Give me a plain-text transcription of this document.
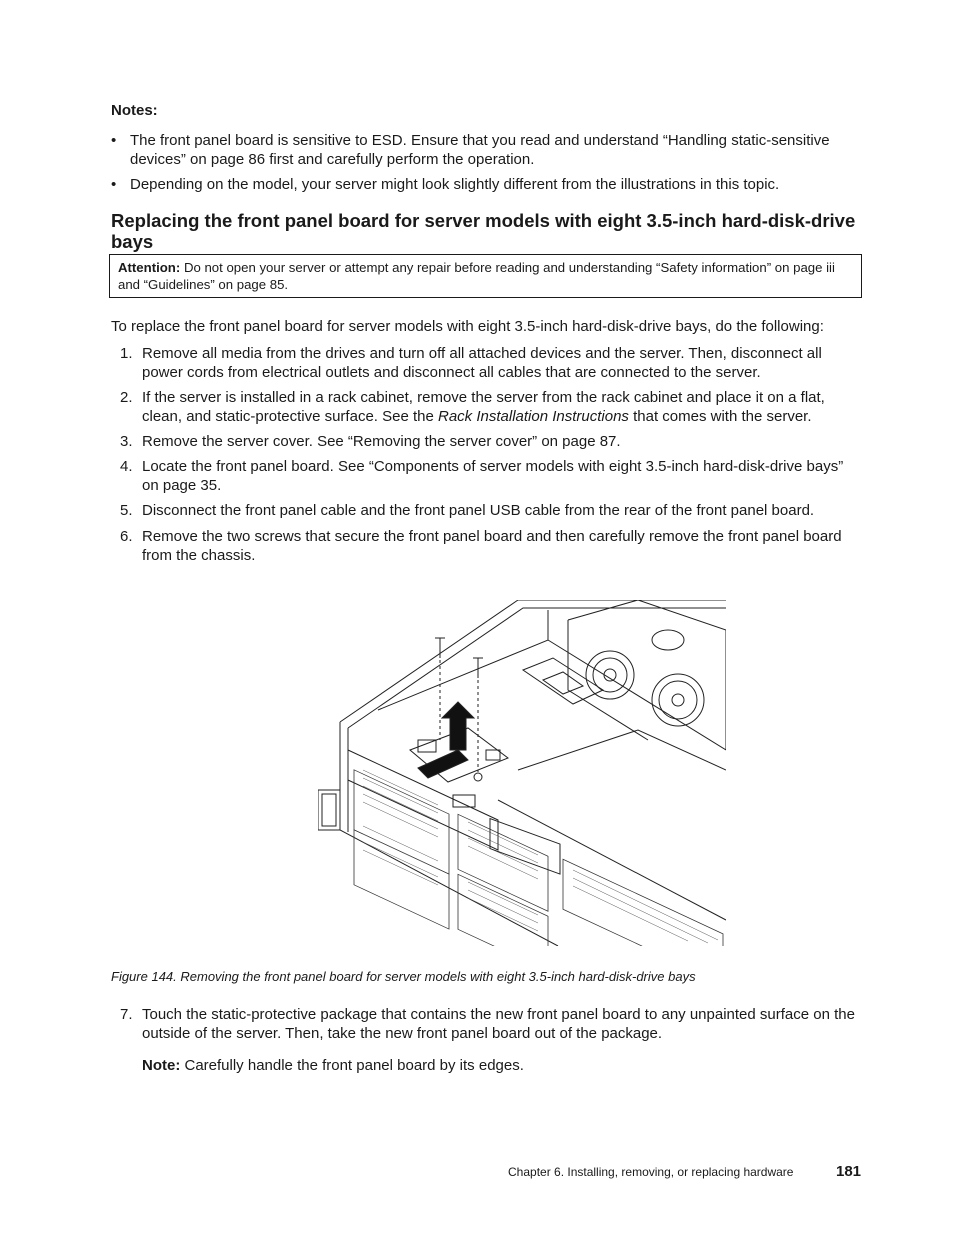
Notes:
• The front panel board is sensitive to ESD. Ensure that you read and understand “Handling static-sensitive devices” on page 86 first and carefully perform the operation.
• Depending on the model, your server might look slightly different from the illustrations in this topic.
Replacing the front panel board for server models with eight 3.5-inch hard-disk-drive bays
Attention: Do not open your server or attempt any repair before reading and understanding “Safety information” on page iii and “Guidelines” on page 85.
To replace the front panel board for server models with eight 3.5-inch hard-disk-drive bays, do the following:
1. Remove all media from the drives and turn off all attached devices and the server. Then, disconnect all power cords from electrical outlets and disconnect all cables that are connected to the server.
2. If the server is installed in a rack cabinet, remove the server from the rack cabinet and place it on a flat, clean, and static-protective surface. See the Rack Installation Instructions that comes with the server.
3. Remove the server cover. See “Removing the server cover” on page 87.
4. Locate the front panel board. See “Components of server models with eight 3.5-inch hard-disk-drive bays” on page 35.
5. Disconnect the front panel cable and the front panel USB cable from the rear of the front panel board.
6. Remove the two screws that secure the front panel board and then carefully remove the front panel board from the chassis.
Figure 144. Removing the front panel board for server models with eight 3.5-inch hard-disk-drive bays
7. Touch the static-protective package that contains the new front panel board to any unpainted surface on the outside of the server. Then, take the new front panel board out of the package.
Note: Carefully handle the front panel board by its edges.
Chapter 6. Installing, removing, or replacing hardware	181
